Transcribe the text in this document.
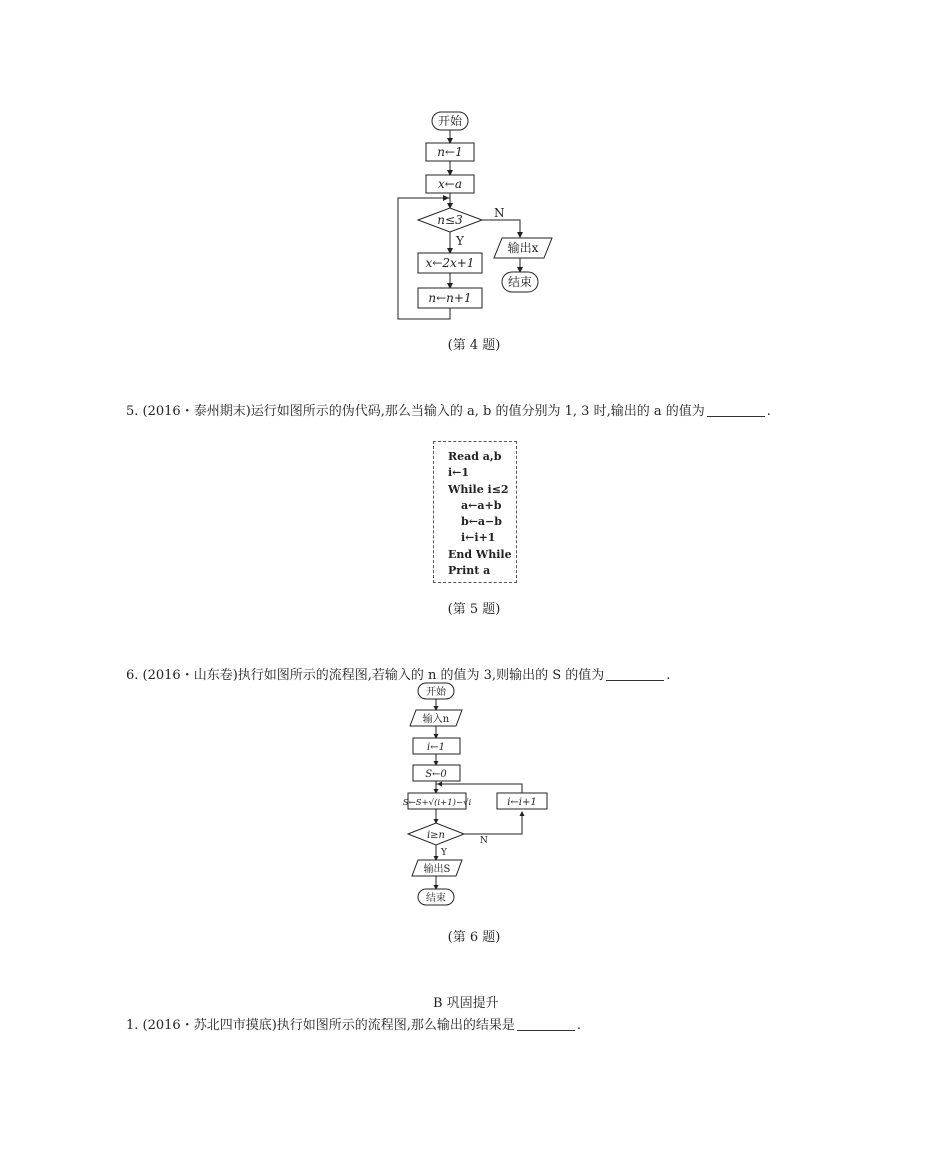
开始
n←1
x←a
n≤3
Y
N
x←2x+1
n←n+1
输出x
结束
(第 4 题)
5. (2016・泰州期末)运行如图所示的伪代码,那么当输入的 a, b 的值分别为 1, 3 时,输出的 a 的值为	.
Read a,b
i←1
While i≤2
a←a+b
b←a−b
i←i+1
End While
Print a
(第 5 题)
6. (2016・山东卷)执行如图所示的流程图,若输入的 n 的值为 3,则输出的 S 的值为	.
开始
输入n
i←1
S←0
S←S+√(i+1)−√i	i←i+1
i≥n
Y
N
输出S
结束
(第 6 题)
B 巩固提升
1. (2016・苏北四市摸底)执行如图所示的流程图,那么输出的结果是	.
